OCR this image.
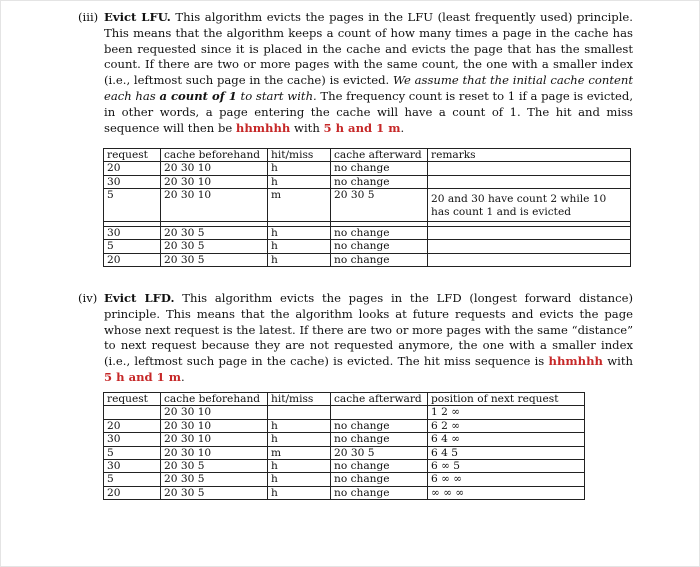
(iii) Evict LFU. This algorithm evicts the pages in the LFU (least frequently used) principle. This means that the algorithm keeps a count of how many times a page in the cache has been requested since it is placed in the cache and evicts the page that has the smallest count. If there are two or more pages with the same count, the one with a smaller index (i.e., leftmost such page in the cache) is evicted. We assume that the initial cache content each has a count of 1 to start with. The frequency count is reset to 1 if a page is evicted, in other words, a page entering the cache will have a count of 1. The hit and miss sequence will then be hhmhhh with 5 h and 1 m.
request	cache beforehand	hit/miss	cache afterward	remarks
20	20 30 10	h	no change	
30	20 30 10	h	no change	
5	20 30 10	m	20 30 5	20 and 30 have count 2 while 10 has count 1 and is evicted

30	20 30 5	h	no change	
5	20 30 5	h	no change	
20	20 30 5	h	no change	
(iv) Evict LFD. This algorithm evicts the pages in the LFD (longest forward distance) principle. This means that the algorithm looks at future requests and evicts the page whose next request is the latest. If there are two or more pages with the same “distance” to next request because they are not requested anymore, the one with a smaller index (i.e., leftmost such page in the cache) is evicted. The hit miss sequence is hhmhhh with 5 h and 1 m.
request	cache beforehand	hit/miss	cache afterward	position of next request
	20 30 10			1 2 ∞
20	20 30 10	h	no change	6 2 ∞
30	20 30 10	h	no change	6 4 ∞
5	20 30 10	m	20 30 5	6 4 5
30	20 30 5	h	no change	6 ∞ 5
5	20 30 5	h	no change	6 ∞ ∞
20	20 30 5	h	no change	∞ ∞ ∞
